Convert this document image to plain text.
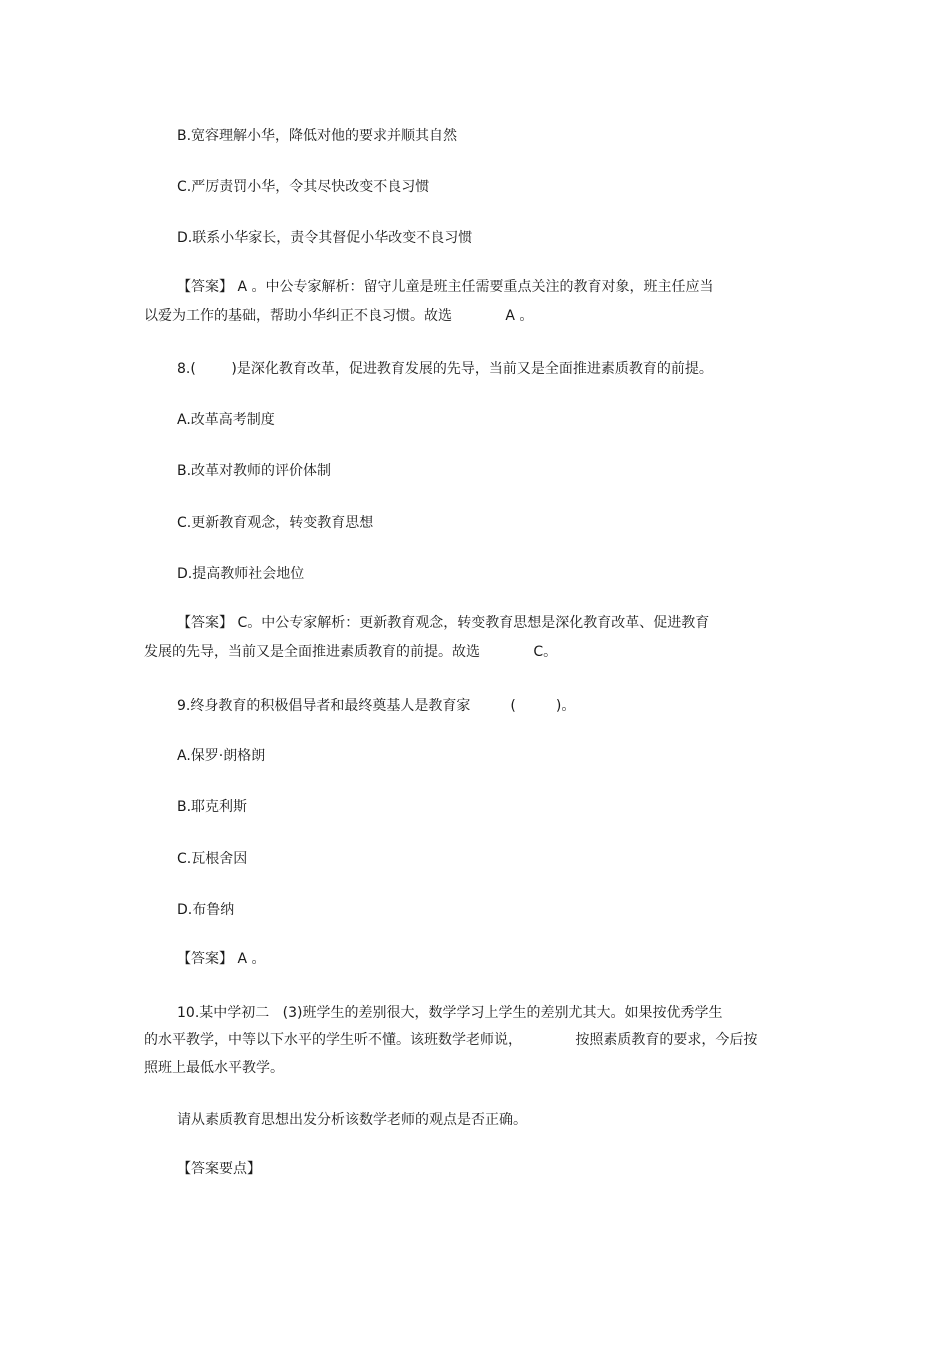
B.宽容理解小华，降低对他的要求并顺其自然

C.严厉责罚小华，令其尽快改变不良习惯

D.联系小华家长，责令其督促小华改变不良习惯

【答案】 A 。中公专家解析：留守儿童是班主任需要重点关注的教育对象，班主任应当

以爱为工作的基础，帮助小华纠正不良习惯。故选            A 。

8.(        )是深化教育改革，促进教育发展的先导，当前又是全面推进素质教育的前提。

A.改革高考制度

B.改革对教师的评价体制

C.更新教育观念，转变教育思想

D.提高教师社会地位

【答案】 C。中公专家解析：更新教育观念，转变教育思想是深化教育改革、促进教育

发展的先导，当前又是全面推进素质教育的前提。故选            C。

9.终身教育的积极倡导者和最终奠基人是教育家         (         )。

A.保罗·朗格朗

B.耶克利斯

C.瓦根舍因

D.布鲁纳

【答案】 A 。

10.某中学初二   (3)班学生的差别很大，数学学习上学生的差别尤其大。如果按优秀学生

的水平教学，中等以下水平的学生听不懂。该班数学老师说，            按照素质教育的要求，今后按

照班上最低水平教学。

请从素质教育思想出发分析该数学老师的观点是否正确。

【答案要点】
